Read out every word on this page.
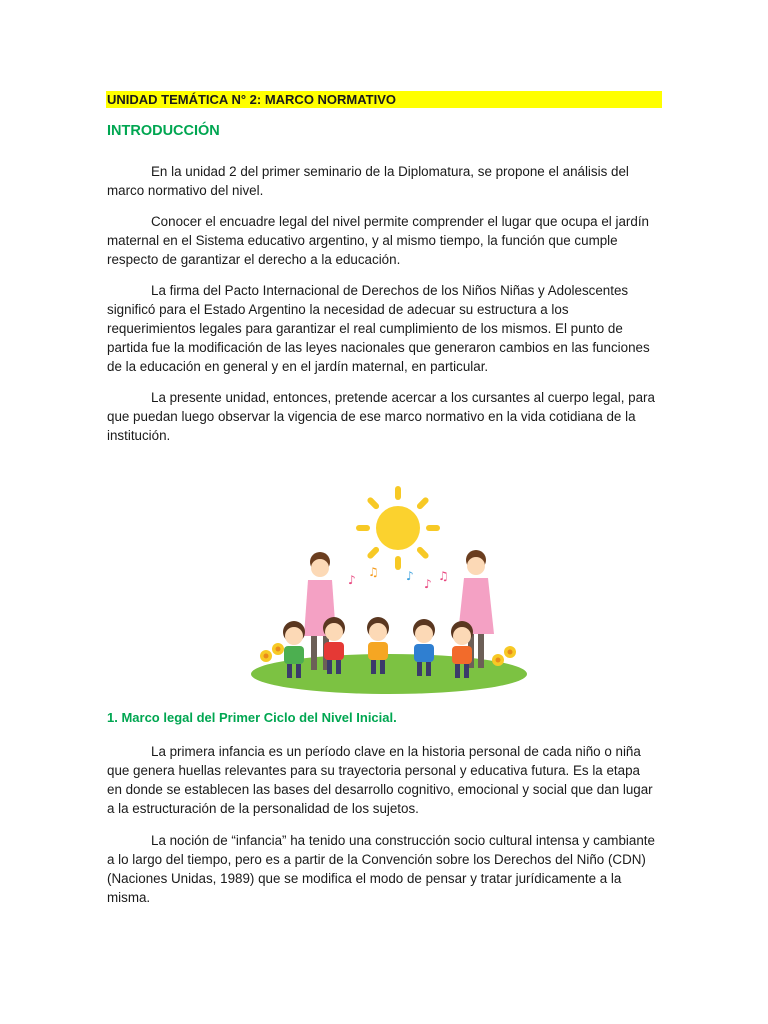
UNIDAD TEMÁTICA N° 2: MARCO NORMATIVO
INTRODUCCIÓN

En la unidad 2 del primer seminario de la Diplomatura, se propone el análisis del marco normativo del nivel.

Conocer el encuadre legal del nivel permite comprender el lugar que ocupa el jardín maternal en el Sistema educativo argentino, y al mismo tiempo, la función que cumple respecto de garantizar el derecho a la educación.

La firma del Pacto Internacional de Derechos de los Niños Niñas y Adolescentes significó para el Estado Argentino la necesidad de adecuar su estructura a los requerimientos legales para garantizar el real cumplimiento de los mismos. El punto de partida fue la modificación de las leyes nacionales que generaron cambios en las funciones de la educación en general y en el jardín maternal, en particular.

La presente unidad, entonces, pretende acercar a los cursantes al cuerpo legal, para que puedan luego observar la vigencia de ese marco normativo en la vida cotidiana de la institución.

♪
♫ ♪
♪
♫
1. Marco legal del Primer Ciclo del Nivel Inicial.

La primera infancia es un período clave en la historia personal de cada niño o niña que genera huellas relevantes para su trayectoria personal y educativa futura. Es la etapa en donde se establecen las bases del desarrollo cognitivo, emocional y social que dan lugar a la estructuración de la personalidad de los sujetos.

La noción de “infancia” ha tenido una construcción socio cultural intensa y cambiante a lo largo del tiempo, pero es a partir de la Convención sobre los Derechos del Niño (CDN) (Naciones Unidas, 1989) que se modifica el modo de pensar y tratar jurídicamente a la misma.
